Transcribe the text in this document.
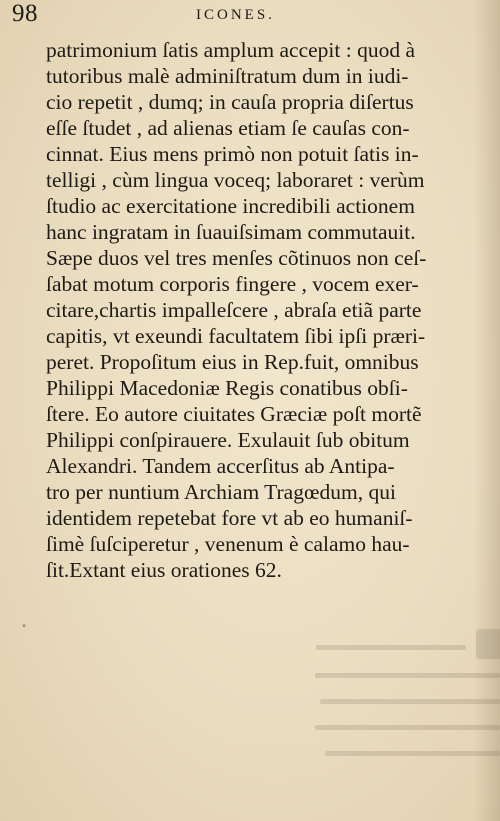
98	ICONES.
patrimonium ſatis amplum accepit : quod à
tutoribus malè adminiſtratum dum in iudi-
cio repetit , dumq; in cauſa propria diſertus
eſſe ſtudet , ad alienas etiam ſe cauſas con-
cinnat. Eius mens primò non potuit ſatis in-
telligi , cùm lingua voceq; laboraret : verùm
ſtudio ac exercitatione incredibili actionem
hanc ingratam in ſuauiſsimam commutauit.
Sæpe duos vel tres menſes cõtinuos non ceſ-
ſabat motum corporis fingere , vocem exer-
citare,chartis impalleſcere , abraſa etiã parte
capitis, vt exeundi facultatem ſibi ipſi præri-
peret. Propoſitum eius in Rep.fuit, omnibus
Philippi Macedoniæ Regis conatibus obſi-
ſtere. Eo autore ciuitates Græciæ poſt mortẽ
Philippi conſpirauere. Exulauit ſub obitum
Alexandri. Tandem accerſitus ab Antipa-
tro per nuntium Archiam Tragœdum, qui
identidem repetebat fore vt ab eo humaniſ-
ſimè ſuſciperetur , venenum è calamo hau-
ſit.Extant eius orationes 62.
˳
